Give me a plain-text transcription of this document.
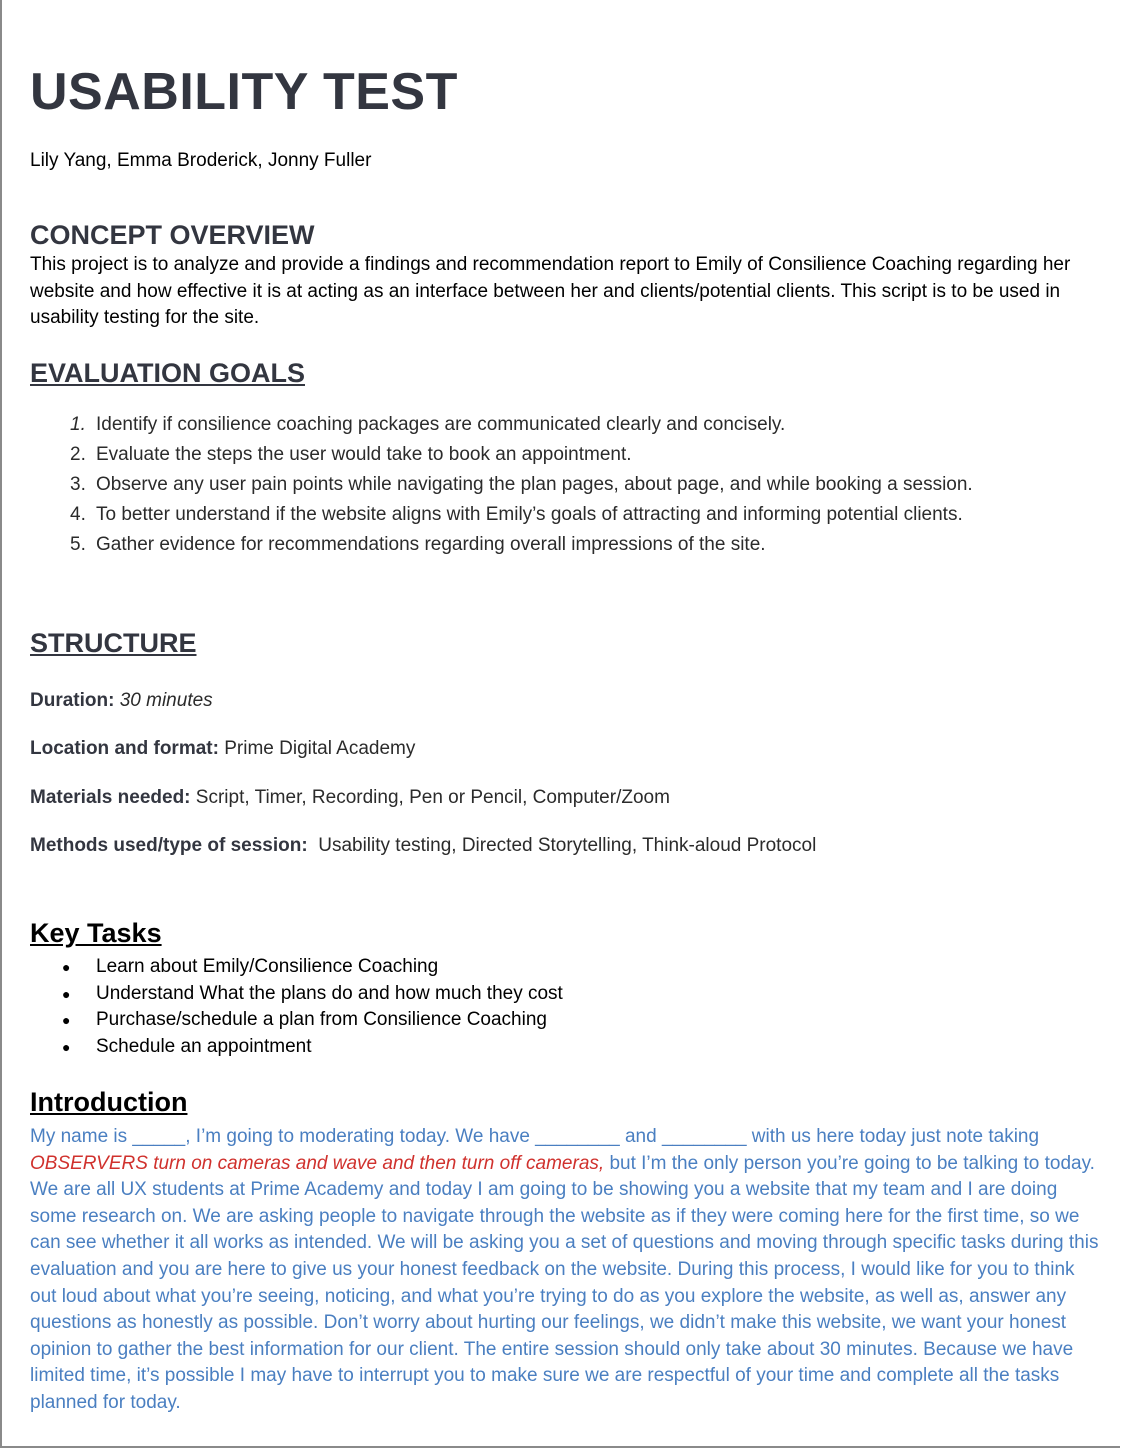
USABILITY TEST

Lily Yang, Emma Broderick, Jonny Fuller

CONCEPT OVERVIEW

This project is to analyze and provide a findings and recommendation report to Emily of Consilience Coaching regarding her website and how effective it is at acting as an interface between her and clients/potential clients. This script is to be used in usability testing for the site.

EVALUATION GOALS
1. Identify if consilience coaching packages are communicated clearly and concisely.
2. Evaluate the steps the user would take to book an appointment.
3. Observe any user pain points while navigating the plan pages, about page, and while booking a session.
4. To better understand if the website aligns with Emily’s goals of attracting and informing potential clients.
5. Gather evidence for recommendations regarding overall impressions of the site.
STRUCTURE

Duration: 30 minutes

Location and format: Prime Digital Academy

Materials needed: Script, Timer, Recording, Pen or Pencil, Computer/Zoom

Methods used/type of session: Usability testing, Directed Storytelling, Think-aloud Protocol

Key Tasks
●	Learn about Emily/Consilience Coaching
●	Understand What the plans do and how much they cost
●	Purchase/schedule a plan from Consilience Coaching
●	Schedule an appointment
Introduction

My name is _____, I’m going to moderating today. We have ________ and ________ with us here today just note taking OBSERVERS turn on cameras and wave and then turn off cameras, but I’m the only person you’re going to be talking to today. We are all UX students at Prime Academy and today I am going to be showing you a website that my team and I are doing some research on. We are asking people to navigate through the website as if they were coming here for the first time, so we can see whether it all works as intended. We will be asking you a set of questions and moving through specific tasks during this evaluation and you are here to give us your honest feedback on the website. During this process, I would like for you to think out loud about what you’re seeing, noticing, and what you’re trying to do as you explore the website, as well as, answer any questions as honestly as possible. Don’t worry about hurting our feelings, we didn’t make this website, we want your honest opinion to gather the best information for our client. The entire session should only take about 30 minutes. Because we have limited time, it’s possible I may have to interrupt you to make sure we are respectful of your time and complete all the tasks planned for today.
